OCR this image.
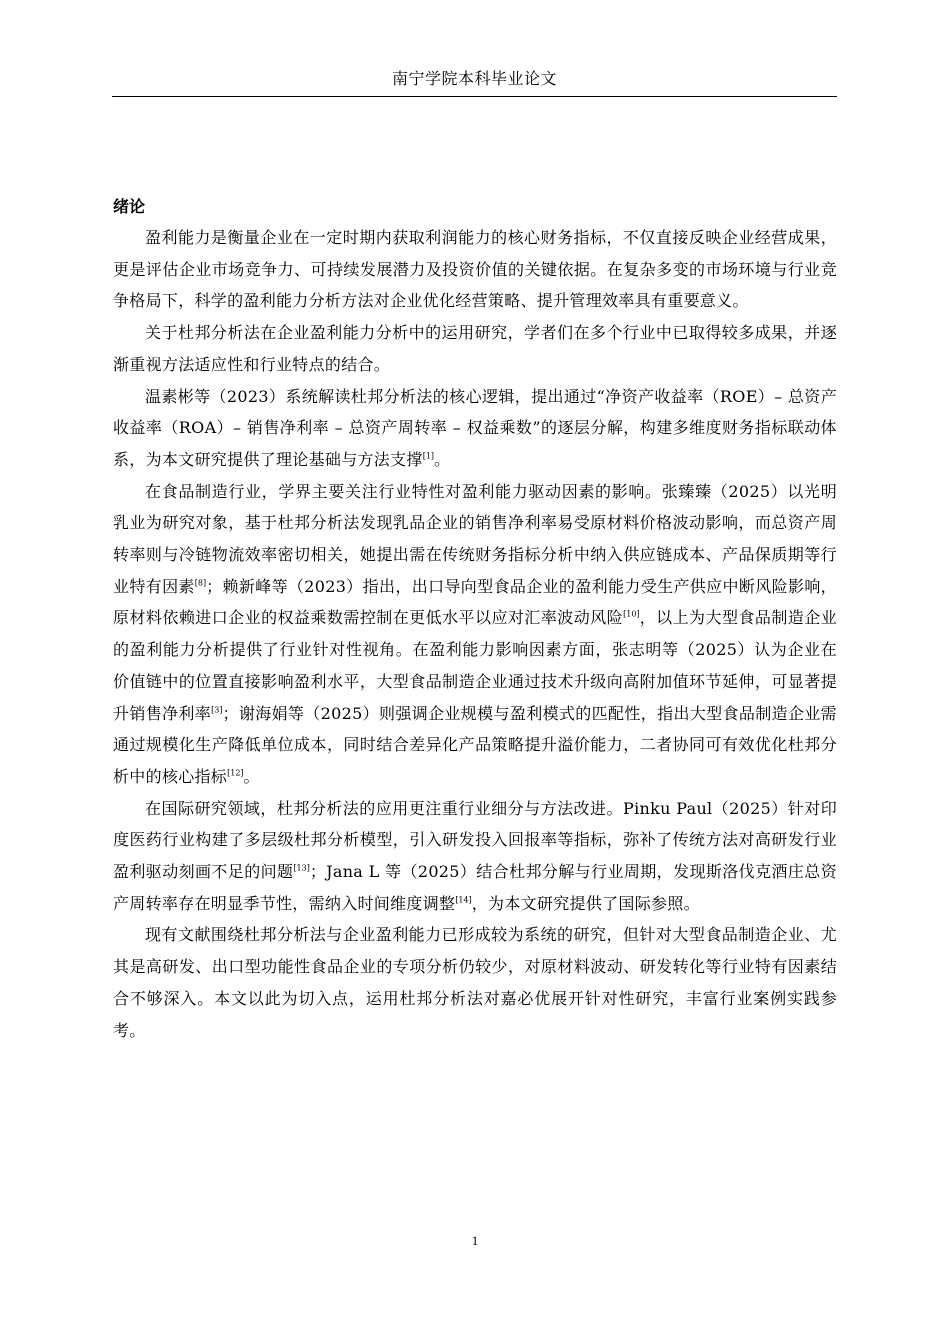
南宁学院本科毕业论文
绪论

盈利能力是衡量企业在一定时期内获取利润能力的核心财务指标，不仅直接反映企业经营成果，更是评估企业市场竞争力、可持续发展潜力及投资价值的关键依据。在复杂多变的市场环境与行业竞争格局下，科学的盈利能力分析方法对企业优化经营策略、提升管理效率具有重要意义。

关于杜邦分析法在企业盈利能力分析中的运用研究，学者们在多个行业中已取得较多成果，并逐渐重视方法适应性和行业特点的结合。

温素彬等（2023）系统解读杜邦分析法的核心逻辑，提出通过“净资产收益率（ROE）– 总资产收益率（ROA）– 销售净利率 – 总资产周转率 – 权益乘数”的逐层分解，构建多维度财务指标联动体系，为本文研究提供了理论基础与方法支撑[1]。

在食品制造行业，学界主要关注行业特性对盈利能力驱动因素的影响。张臻臻（2025）以光明乳业为研究对象，基于杜邦分析法发现乳品企业的销售净利率易受原材料价格波动影响，而总资产周转率则与冷链物流效率密切相关，她提出需在传统财务指标分析中纳入供应链成本、产品保质期等行业特有因素[8]；赖新峰等（2023）指出，出口导向型食品企业的盈利能力受生产供应中断风险影响，原材料依赖进口企业的权益乘数需控制在更低水平以应对汇率波动风险[10]，以上为大型食品制造企业的盈利能力分析提供了行业针对性视角。在盈利能力影响因素方面，张志明等（2025）认为企业在价值链中的位置直接影响盈利水平，大型食品制造企业通过技术升级向高附加值环节延伸，可显著提升销售净利率[3]；谢海娟等（2025）则强调企业规模与盈利模式的匹配性，指出大型食品制造企业需通过规模化生产降低单位成本，同时结合差异化产品策略提升溢价能力，二者协同可有效优化杜邦分析中的核心指标[12]。

在国际研究领域，杜邦分析法的应用更注重行业细分与方法改进。Pinku Paul（2025）针对印度医药行业构建了多层级杜邦分析模型，引入研发投入回报率等指标，弥补了传统方法对高研发行业盈利驱动刻画不足的问题[13]；Jana L 等（2025）结合杜邦分解与行业周期，发现斯洛伐克酒庄总资产周转率存在明显季节性，需纳入时间维度调整[14]，为本文研究提供了国际参照。

现有文献围绕杜邦分析法与企业盈利能力已形成较为系统的研究，但针对大型食品制造企业、尤其是高研发、出口型功能性食品企业的专项分析仍较少，对原材料波动、研发转化等行业特有因素结合不够深入。本文以此为切入点，运用杜邦分析法对嘉必优展开针对性研究，丰富行业案例实践参考。

1
